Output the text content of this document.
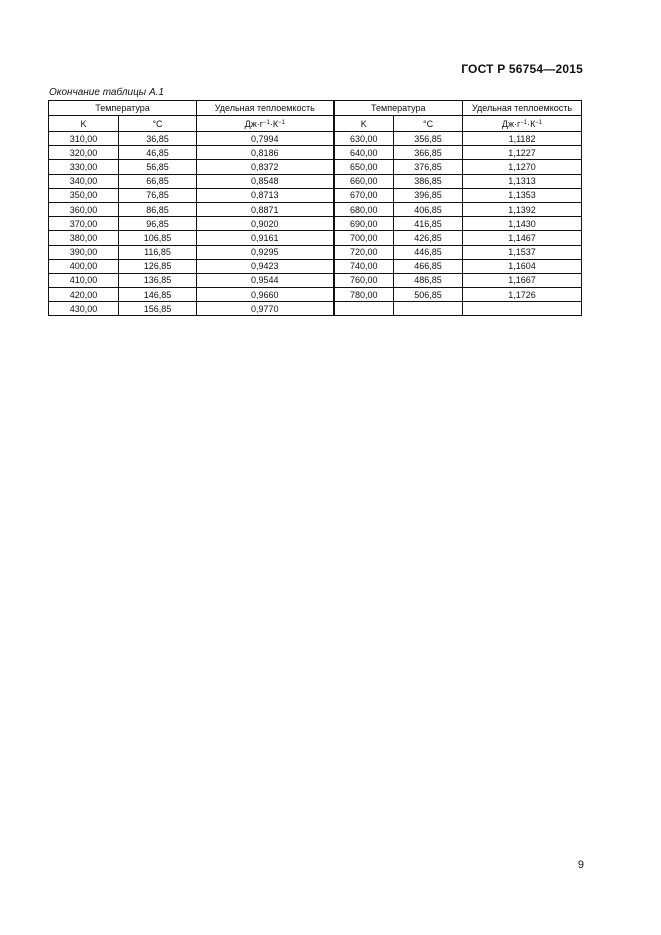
ГОСТ Р 56754—2015
Окончание таблицы А.1
Температура		Удельная теплоемкость	Температура		Удельная теплоемкость
K	°C	$Дж\cdot г^{-1}\cdot К^{-1}$	K	°C	$Дж\cdot г^{-1}\cdot К^{-1}$
310,00	36,85	0,7994	630,00	356,85	1,1182
320,00	46,85	0,8186	640,00	366,85	1,1227
330,00	56,85	0,8372	650,00	376,85	1,1270
340,00	66,85	0,8548	660,00	386,85	1,1313
350,00	76,85	0,8713	670,00	396,85	1,1353
360,00	86,85	0,8871	680,00	406,85	1,1392
370,00	96,85	0,9020	690,00	416,85	1,1430
380,00	106,85	0,9161	700,00	426,85	1,1467
390,00	116,85	0,9295	720,00	446,85	1,1537
400,00	126,85	0,9423	740,00	466,85	1,1604
410,00	136,85	0,9544	760,00	486,85	1,1667
420,00	146,85	0,9660	780,00	506,85	1,1726
430,00	156,85	0,9770			
9
